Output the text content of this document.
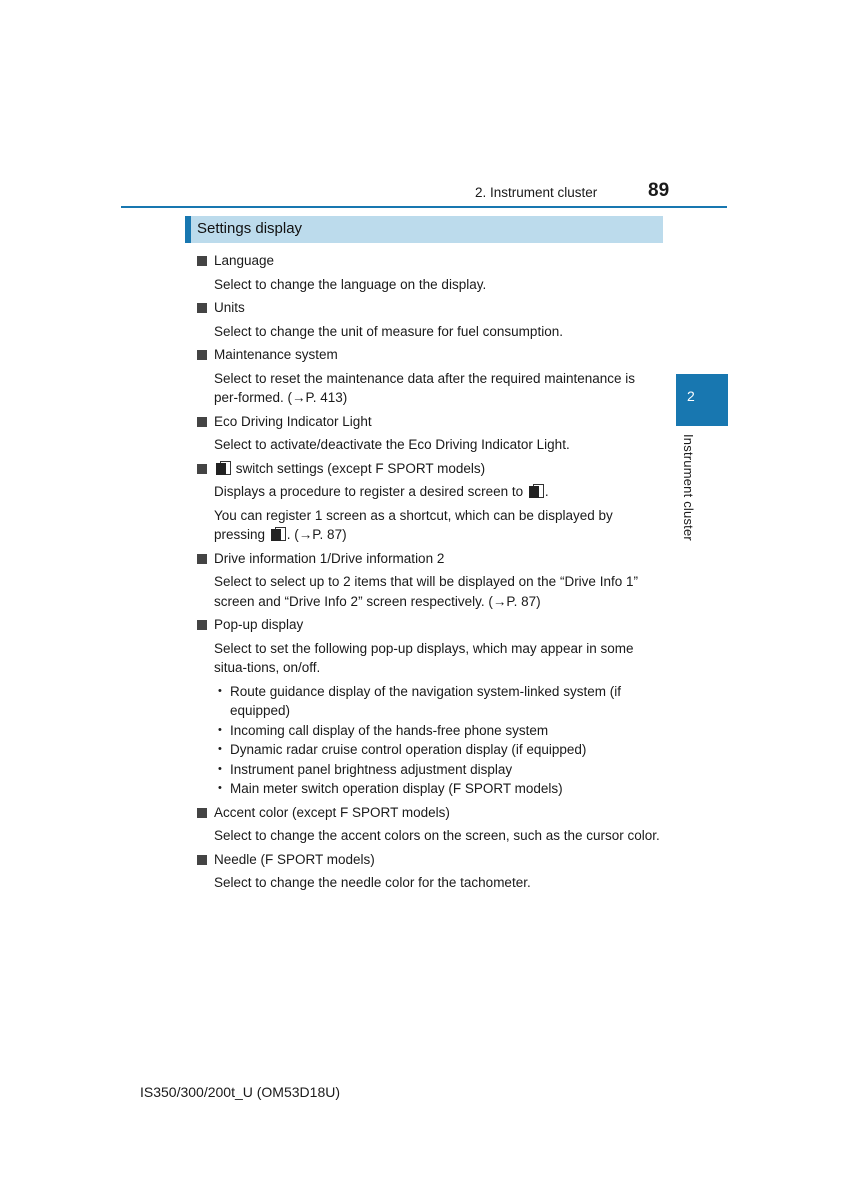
2. Instrument cluster	89
2
Instrument cluster
Settings display
Language

Select to change the language on the display.

Units

Select to change the unit of measure for fuel consumption.

Maintenance system

Select to reset the maintenance data after the required maintenance is per-formed. (→P. 413)

Eco Driving Indicator Light

Select to activate/deactivate the Eco Driving Indicator Light.

switch settings (except F SPORT models)

Displays a procedure to register a desired screen to .

You can register 1 screen as a shortcut, which can be displayed by pressing . (→P. 87)

Drive information 1/Drive information 2

Select to select up to 2 items that will be displayed on the “Drive Info 1” screen and “Drive Info 2” screen respectively. (→P. 87)

Pop-up display

Select to set the following pop-up displays, which may appear in some situa-tions, on/off.

• Route guidance display of the navigation system-linked system (if equipped)
• Incoming call display of the hands-free phone system
• Dynamic radar cruise control operation display (if equipped)
• Instrument panel brightness adjustment display
• Main meter switch operation display (F SPORT models)
Accent color (except F SPORT models)

Select to change the accent colors on the screen, such as the cursor color.

Needle (F SPORT models)

Select to change the needle color for the tachometer.

IS350/300/200t_U (OM53D18U)
